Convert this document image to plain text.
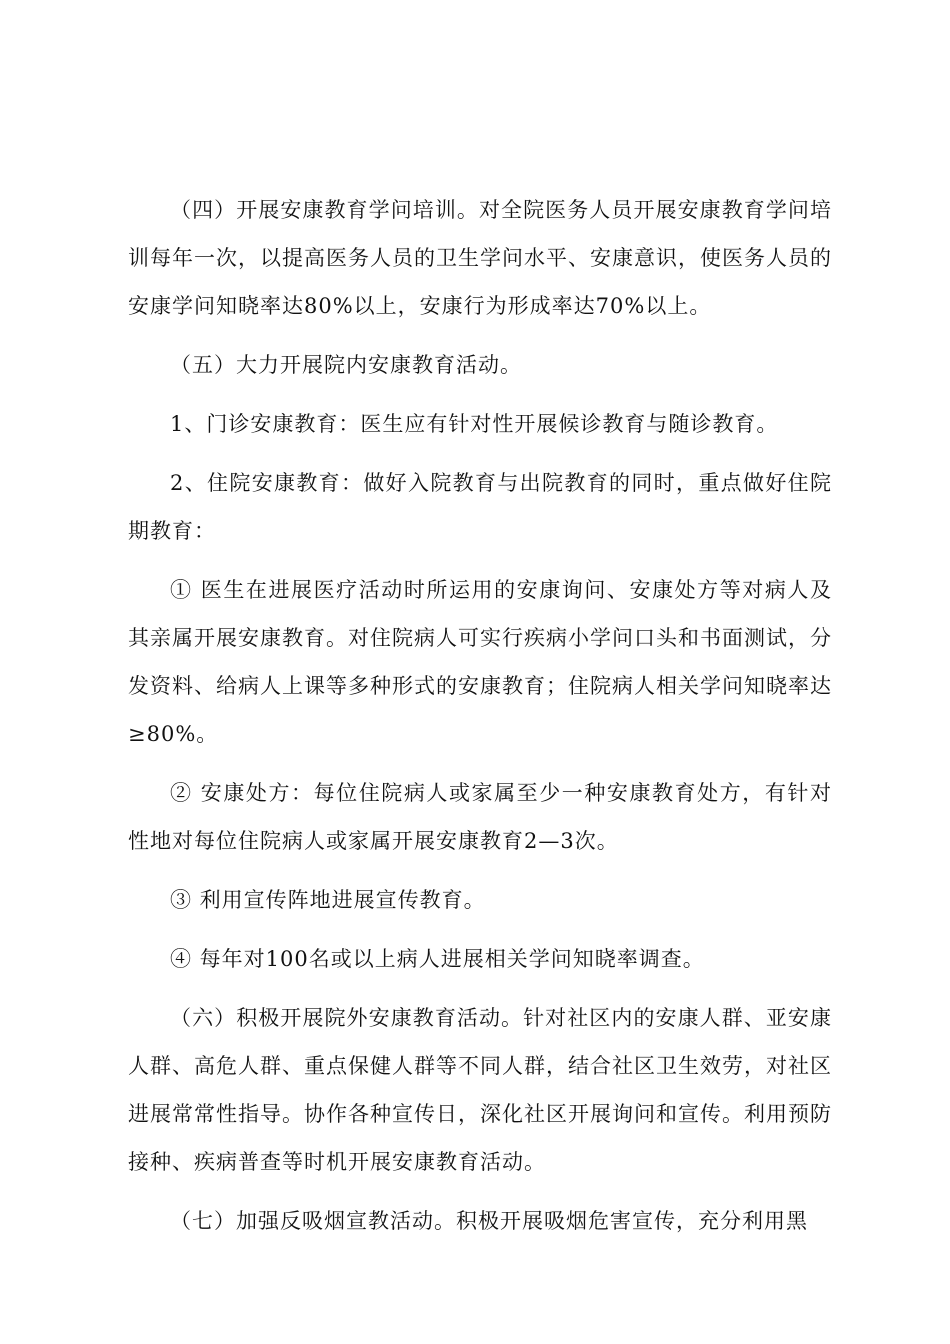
（四）开展安康教育学问培训。对全院医务人员开展安康教育学问培训每年一次，以提高医务人员的卫生学问水平、安康意识，使医务人员的安康学问知晓率达80%以上，安康行为形成率达70%以上。

（五）大力开展院内安康教育活动。

1、门诊安康教育：医生应有针对性开展候诊教育与随诊教育。

2、住院安康教育：做好入院教育与出院教育的同时，重点做好住院期教育：

① 医生在进展医疗活动时所运用的安康询问、安康处方等对病人及其亲属开展安康教育。对住院病人可实行疾病小学问口头和书面测试，分发资料、给病人上课等多种形式的安康教育；住院病人相关学问知晓率达≥80%。

② 安康处方：每位住院病人或家属至少一种安康教育处方，有针对性地对每位住院病人或家属开展安康教育2—3次。

③ 利用宣传阵地进展宣传教育。

④ 每年对100名或以上病人进展相关学问知晓率调查。

（六）积极开展院外安康教育活动。针对社区内的安康人群、亚安康人群、高危人群、重点保健人群等不同人群，结合社区卫生效劳，对社区进展常常性指导。协作各种宣传日，深化社区开展询问和宣传。利用预防接种、疾病普查等时机开展安康教育活动。

（七）加强反吸烟宣教活动。积极开展吸烟危害宣传，充分利用黑
